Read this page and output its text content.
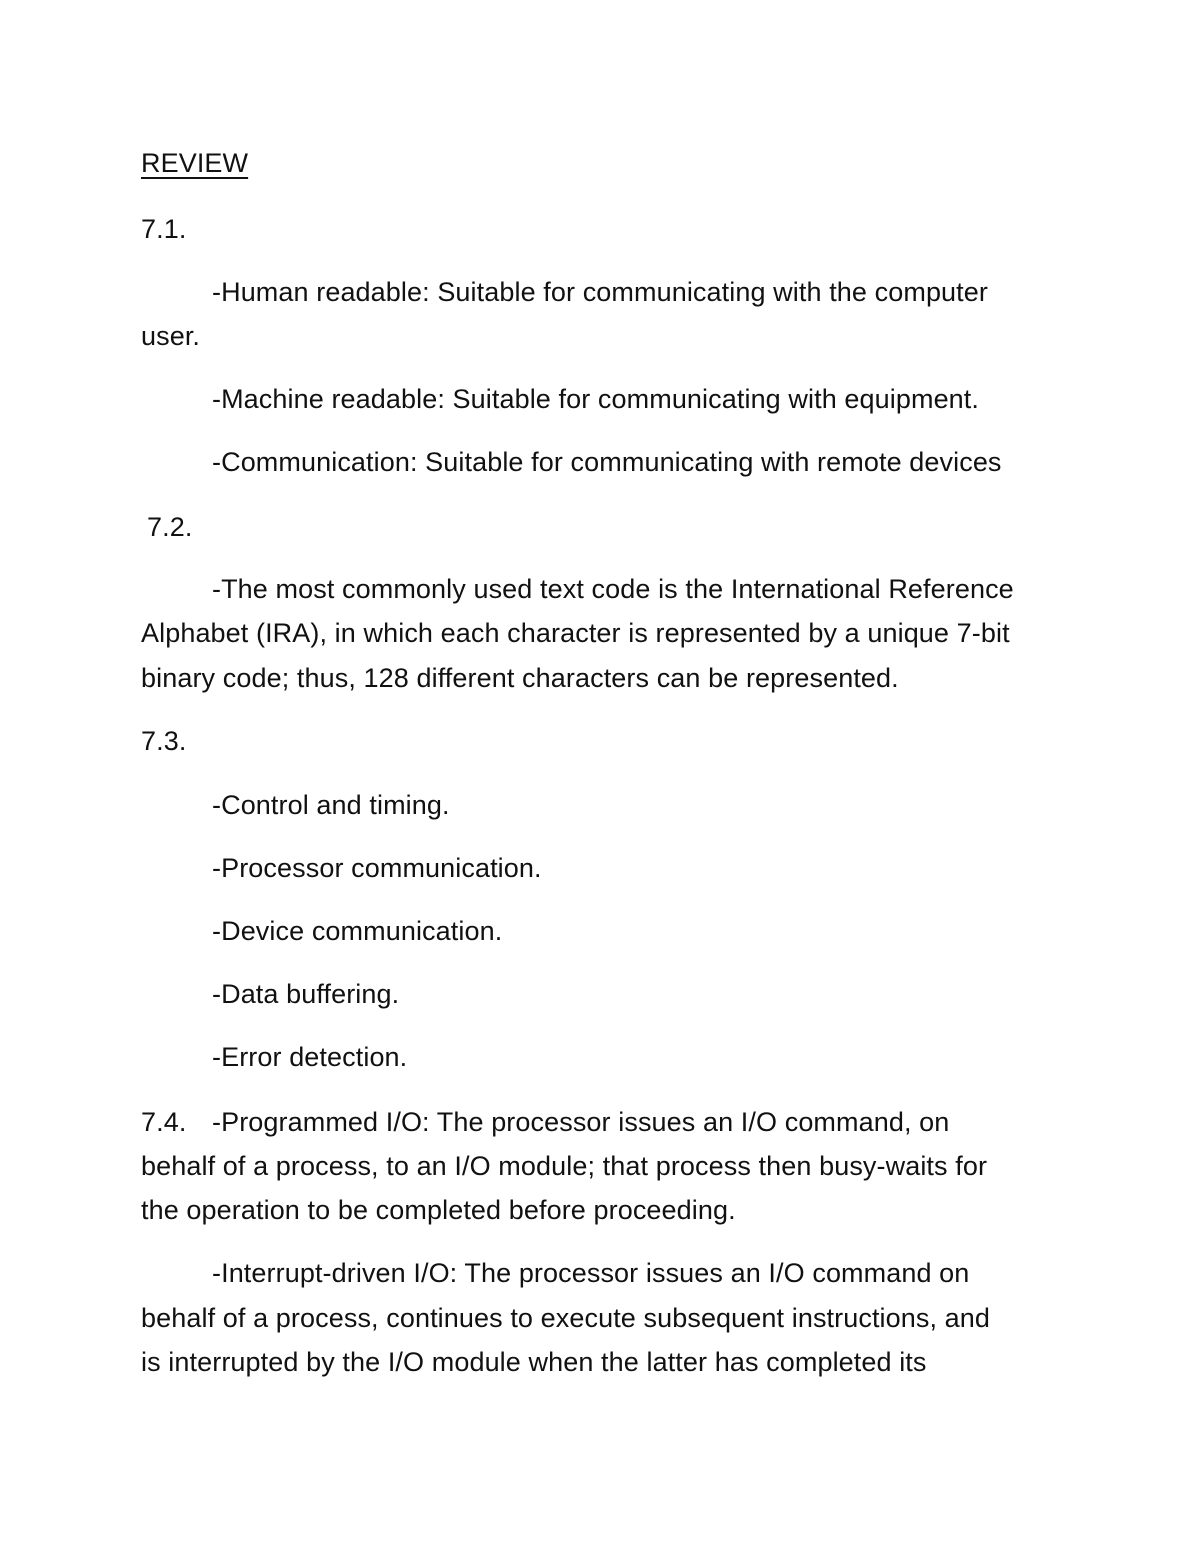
REVIEW
7.1.
-Human readable: Suitable for communicating with the computer
user.
-Machine readable: Suitable for communicating with equipment.
-Communication: Suitable for communicating with remote devices
7.2.
-The most commonly used text code is the International Reference
Alphabet (IRA), in which each character is represented by a unique 7-bit
binary code; thus, 128 different characters can be represented.
7.3.
-Control and timing.
-Processor communication.
-Device communication.
-Data buffering.
-Error detection.
7.4. -Programmed I/O: The processor issues an I/O command, on
behalf of a process, to an I/O module; that process then busy-waits for
the operation to be completed before proceeding.
-Interrupt-driven I/O: The processor issues an I/O command on
behalf of a process, continues to execute subsequent instructions, and
is interrupted by the I/O module when the latter has completed its
